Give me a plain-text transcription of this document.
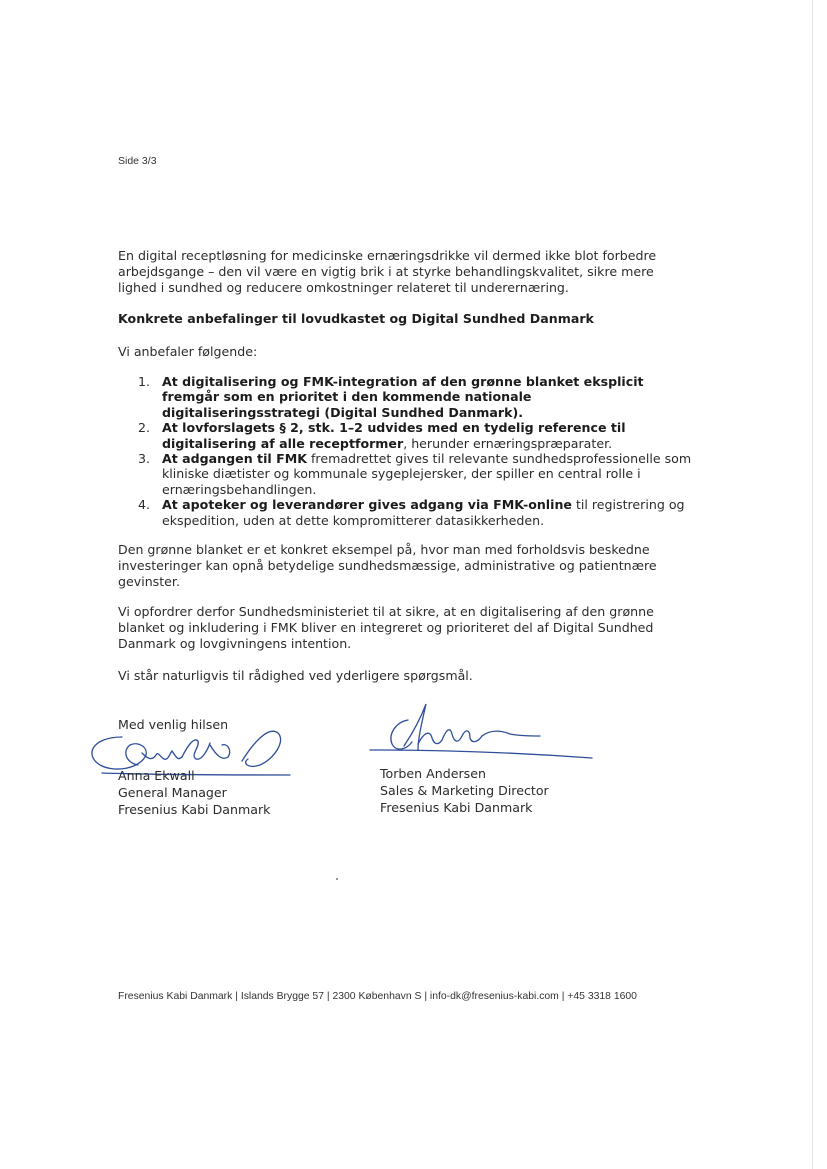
Side 3/3

En digital receptløsning for medicinske ernæringsdrikke vil dermed ikke blot forbedre arbejdsgange – den vil være en vigtig brik i at styrke behandlingskvalitet, sikre mere lighed i sundhed og reducere omkostninger relateret til underernæring.

Konkrete anbefalinger til lovudkastet og Digital Sundhed Danmark

Vi anbefaler følgende:

1. At digitalisering og FMK-integration af den grønne blanket eksplicit fremgår som en prioritet i den kommende nationale digitaliseringsstrategi (Digital Sundhed Danmark).
2. At lovforslagets § 2, stk. 1–2 udvides med en tydelig reference til digitalisering af alle receptformer, herunder ernæringspræparater.
3. At adgangen til FMK fremadrettet gives til relevante sundhedsprofessionelle som kliniske diætister og kommunale sygeplejersker, der spiller en central rolle i ernæringsbehandlingen.
4. At apoteker og leverandører gives adgang via FMK-online til registrering og ekspedition, uden at dette kompromitterer datasikkerheden.

Den grønne blanket er et konkret eksempel på, hvor man med forholdsvis beskedne investeringer kan opnå betydelige sundhedsmæssige, administrative og patientnære gevinster.

Vi opfordrer derfor Sundhedsministeriet til at sikre, at en digitalisering af den grønne blanket og inkludering i FMK bliver en integreret og prioriteret del af Digital Sundhed Danmark og lovgivningens intention.

Vi står naturligvis til rådighed ved yderligere spørgsmål.

Med venlig hilsen
Anna Ekwall
General Manager
Fresenius Kabi Danmark
Torben Andersen
Sales & Marketing Director
Fresenius Kabi Danmark
Fresenius Kabi Danmark | Islands Brygge 57 | 2300 København S | info-dk@fresenius-kabi.com | +45 3318 1600
